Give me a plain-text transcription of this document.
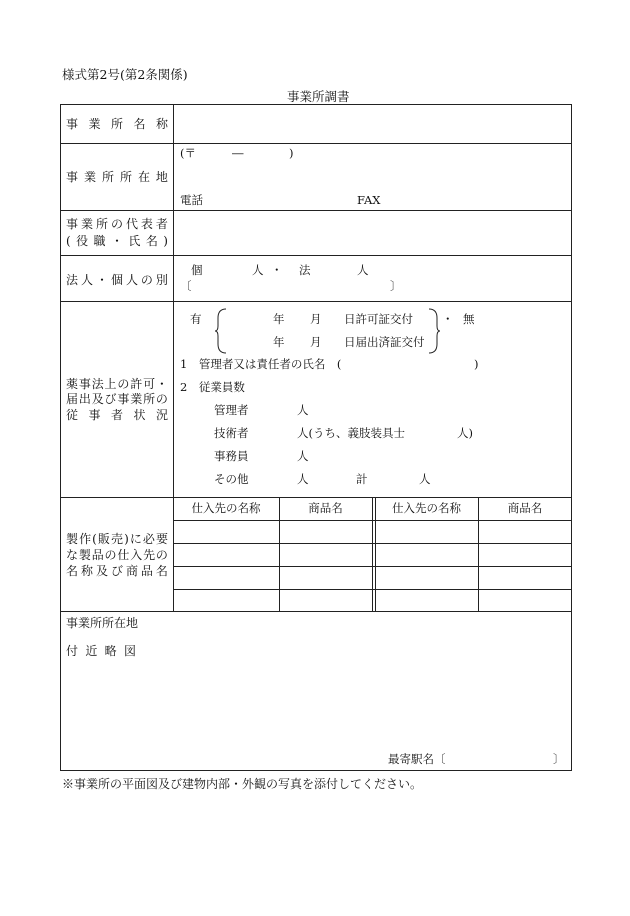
様式第2号(第2条関係)
事業所調書
事 業 所 名 称
事 業 所 所 在 地
(〒	―	)
電話	FAX
事 業 所 の 代 表 者
( 役 職 ・ 氏 名 )
法 人 ・ 個 人 の 別
個	人 ・ 法	人
〔	〕
薬 事 法 上 の 許 可 ・
届 出 及 び 事 業 所 の
従 事 者 状 況
有	年 月 日許可証交付
年 月 日届出済証交付
・ 無
1　管理者又は責任者の氏名　(	)
2　従業員数
管理者	人
技術者	人(うち、義肢装具士	人)
事務員	人
その他	人	計	人
製 作 ( 販 売 ) に 必 要
な 製 品 の 仕 入 先 の
名 称 及 び 商 品 名
仕入先の名称	商品名	仕入先の名称	商品名
事業所所在地
付 近 略 図
最寄駅名〔	〕
※事業所の平面図及び建物内部・外観の写真を添付してください。
